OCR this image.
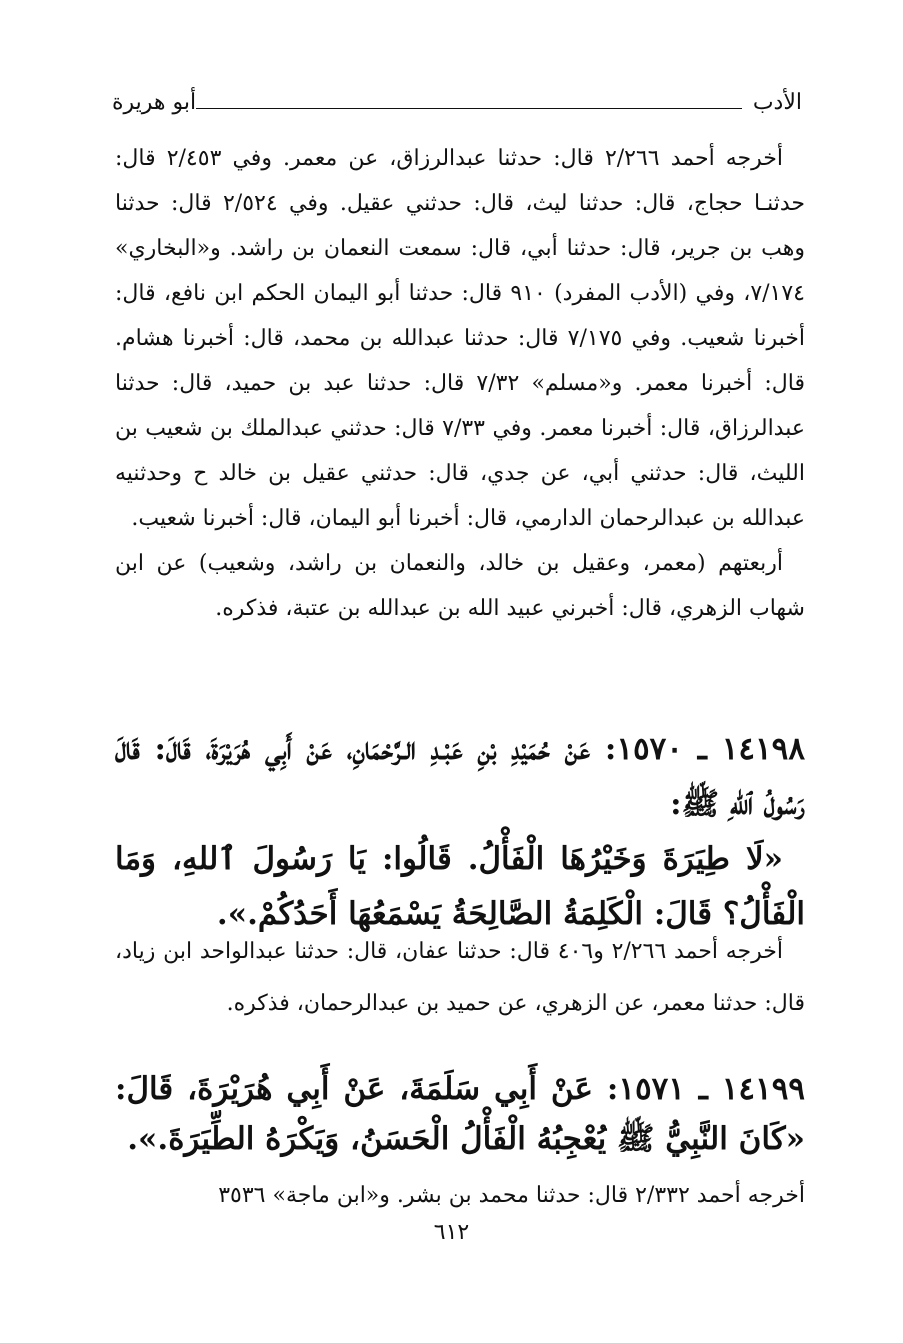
الأدب
أبو هريرة

أخرجه أحمد ٢/٢٦٦ قال: حدثنا عبدالرزاق، عن معمر. وفي ٢/٤٥٣ قال: حدثنـا حجاج، قال: حدثنا ليث، قال: حدثني عقيل. وفي ٢/٥٢٤ قال: حدثنا وهب بن جرير، قال: حدثنا أبي، قال: سمعت النعمان بن راشد. و«البخاري» ٧/١٧٤، وفي (الأدب المفرد) ٩١٠ قال: حدثنا أبو اليمان الحكم ابن نافع، قال: أخبرنا شعيب. وفي ٧/١٧٥ قال: حدثنا عبدالله بن محمد، قال: أخبرنا هشام. قال: أخبرنا معمر. و«مسلم» ٧/٣٢ قال: حدثنا عبد بن حميد، قال: حدثنا عبدالرزاق، قال: أخبرنا معمر. وفي ٧/٣٣ قال: حدثني عبدالملك بن شعيب بن الليث، قال: حدثني أبي، عن جدي، قال: حدثني عقيل بن خالد ح وحدثنيه عبدالله بن عبدالرحمان الدارمي، قال: أخبرنا أبو اليمان، قال: أخبرنا شعيب.

أربعتهم (معمر، وعقيل بن خالد، والنعمان بن راشد، وشعيب) عن ابن شهاب الزهري، قال: أخبرني عبيد الله بن عبدالله بن عتبة، فذكره.

١٤١٩٨ ـ ١٥٧٠: عَنْ حُمَيْدِ بْنِ عَبْـدِ الـرَّحْمَانِ، عَنْ أَبِي هُرَيْرَةَ، قَالَ: قَالَ رَسُولُ ٱللهِ ﷺ:

«لَا طِيَرَةَ وَخَيْرُهَا الْفَأْلُ. قَالُوا: يَا رَسُولَ ٱللهِ، وَمَا الْفَأْلُ؟ قَالَ: الْكَلِمَةُ الصَّالِحَةُ يَسْمَعُهَا أَحَدُكُمْ.».

أخرجه أحمد ٢/٢٦٦ و٤٠٦ قال: حدثنا عفان، قال: حدثنا عبدالواحد ابن زياد، قال: حدثنا معمر، عن الزهري، عن حميد بن عبدالرحمان، فذكره.

١٤١٩٩ ـ ١٥٧١: عَنْ أَبِي سَلَمَةَ، عَنْ أَبِي هُرَيْرَةَ، قَالَ: «كَانَ النَّبِيُّ ﷺ يُعْجِبُهُ الْفَأْلُ الْحَسَنُ، وَيَكْرَهُ الطِّيَرَةَ.».

أخرجه أحمد ٢/٣٣٢ قال: حدثنا محمد بن بشر. و«ابن ماجة» ٣٥٣٦

٦١٢
